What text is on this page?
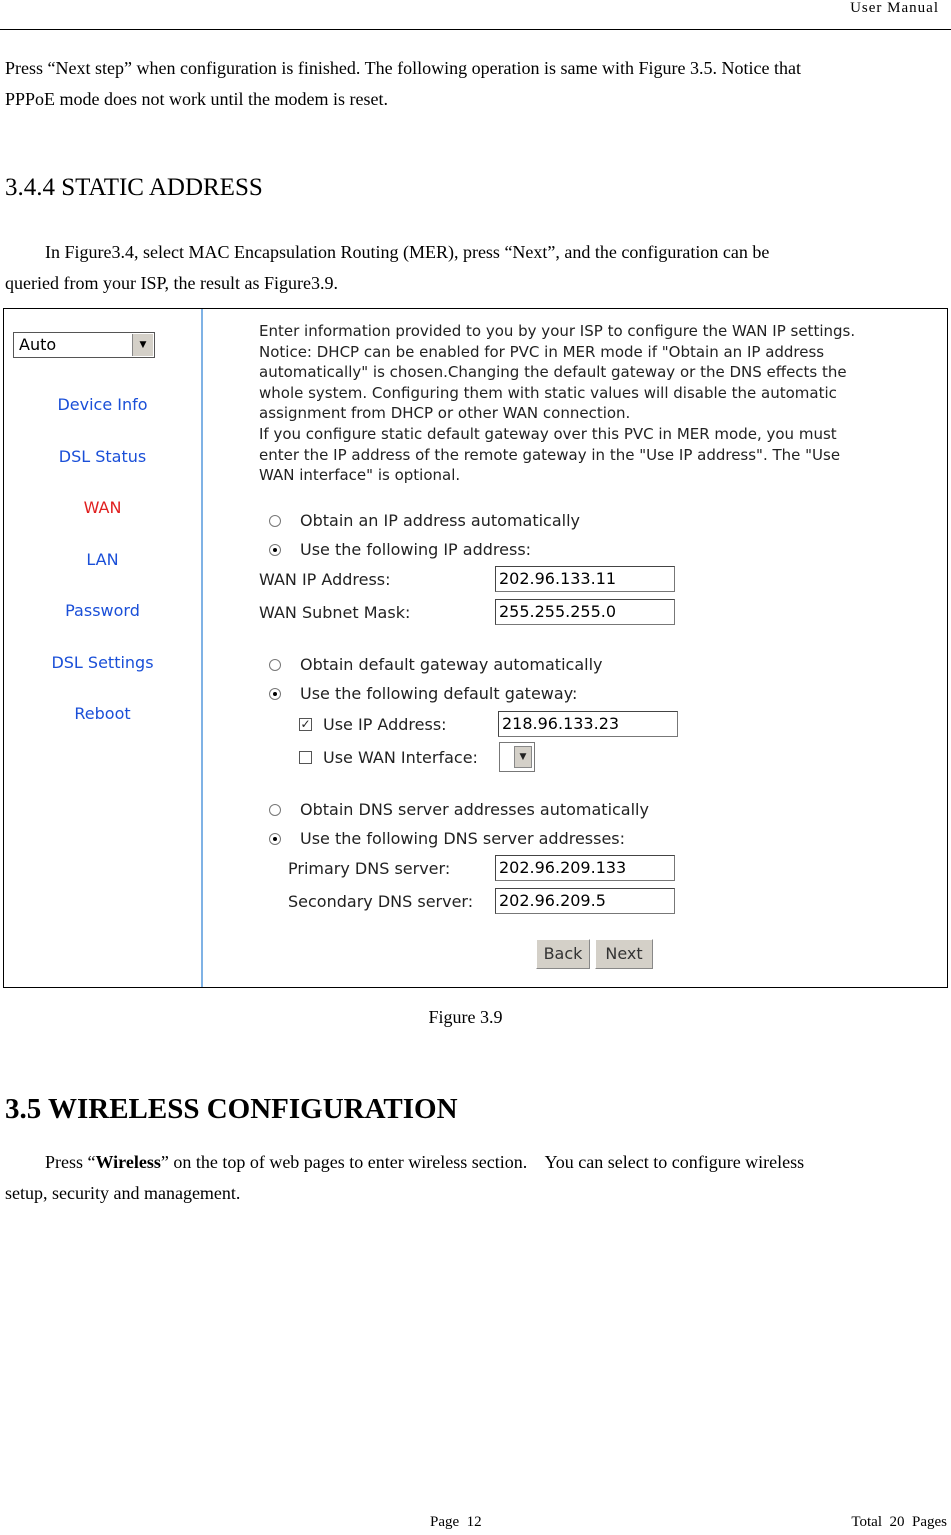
User Manual
Press “Next step” when configuration is finished. The following operation is same with Figure 3.5. Notice that
PPPoE mode does not work until the modem is reset.
3.4.4 STATIC ADDRESS
In Figure3.4, select MAC Encapsulation Routing (MER), press “Next”, and the configuration can be
queried from your ISP, the result as Figure3.9.
Auto	▼
Device Info
DSL Status
WAN
LAN
Password
DSL Settings
Reboot
Enter information provided to you by your ISP to configure the WAN IP settings.
Notice: DHCP can be enabled for PVC in MER mode if "Obtain an IP address
automatically" is chosen.Changing the default gateway or the DNS effects the
whole system. Configuring them with static values will disable the automatic
assignment from DHCP or other WAN connection.
If you configure static default gateway over this PVC in MER mode, you must
enter the IP address of the remote gateway in the "Use IP address". The "Use
WAN interface" is optional.
Obtain an IP address automatically
Use the following IP address:
WAN IP Address:	202.96.133.11
WAN Subnet Mask:	255.255.255.0
Obtain default gateway automatically
Use the following default gateway:
✓ Use IP Address:	218.96.133.23
Use WAN Interface:	▼
Obtain DNS server addresses automatically
Use the following DNS server addresses:
Primary DNS server:	202.96.209.133
Secondary DNS server: 202.96.209.5
Back	Next
Figure 3.9
3.5 WIRELESS CONFIGURATION
Press “Wireless” on the top of web pages to enter wireless section.    You can select to configure wireless
setup, security and management.
Page  12	Total  20  Pages
